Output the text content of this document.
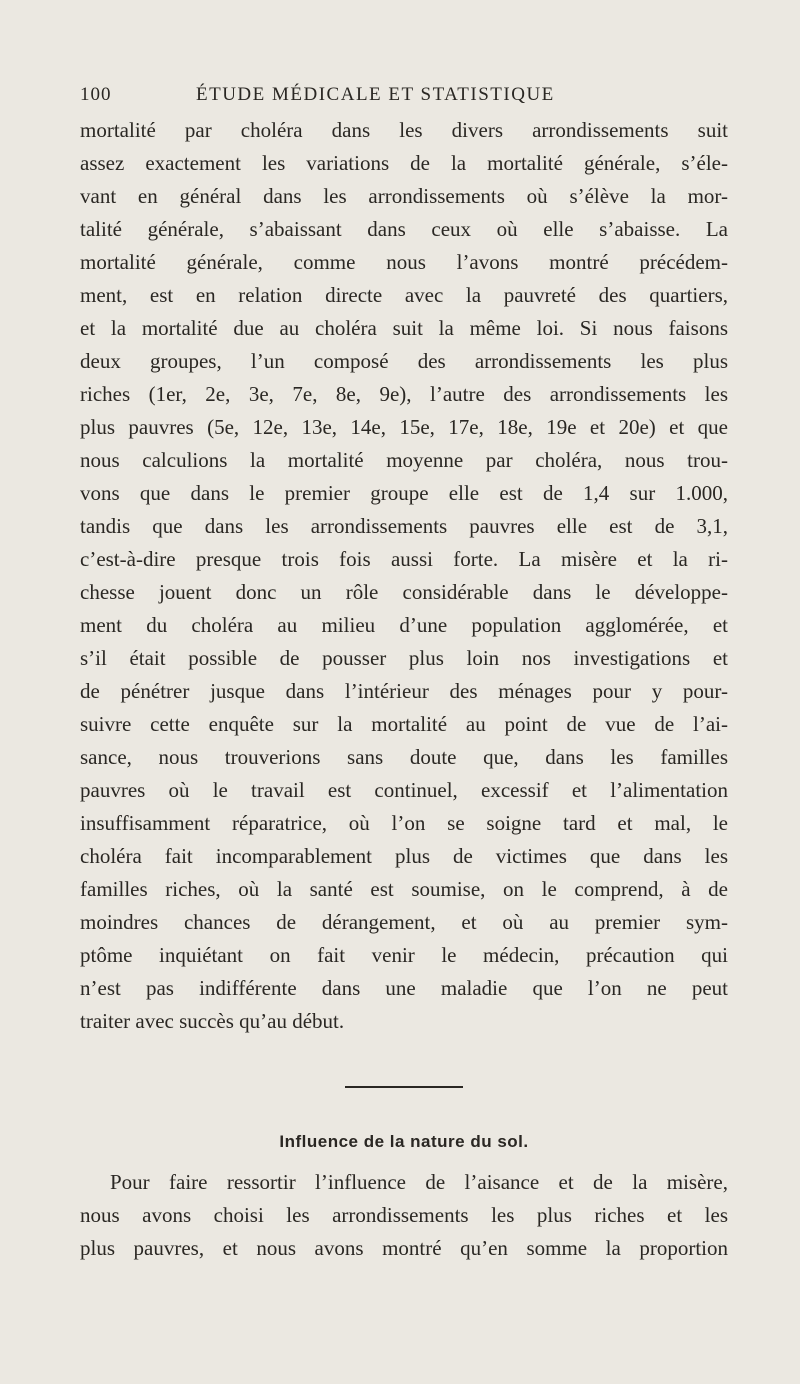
100	ÉTUDE MÉDICALE ET STATISTIQUE
mortalité par choléra dans les divers arrondissements suit
assez exactement les variations de la mortalité générale, s’éle-
vant en général dans les arrondissements où s’élève la mor-
talité générale, s’abaissant dans ceux où elle s’abaisse. La
mortalité générale, comme nous l’avons montré précédem-
ment, est en relation directe avec la pauvreté des quartiers,
et la mortalité due au choléra suit la même loi. Si nous faisons
deux groupes, l’un composé des arrondissements les plus
riches (1er, 2e, 3e, 7e, 8e, 9e), l’autre des arrondissements les
plus pauvres (5e, 12e, 13e, 14e, 15e, 17e, 18e, 19e et 20e) et que
nous calculions la mortalité moyenne par choléra, nous trou-
vons que dans le premier groupe elle est de 1,4 sur 1.000,
tandis que dans les arrondissements pauvres elle est de 3,1,
c’est-à-dire presque trois fois aussi forte. La misère et la ri-
chesse jouent donc un rôle considérable dans le développe-
ment du choléra au milieu d’une population agglomérée, et
s’il était possible de pousser plus loin nos investigations et
de pénétrer jusque dans l’intérieur des ménages pour y pour-
suivre cette enquête sur la mortalité au point de vue de l’ai-
sance, nous trouverions sans doute que, dans les familles
pauvres où le travail est continuel, excessif et l’alimentation
insuffisamment réparatrice, où l’on se soigne tard et mal, le
choléra fait incomparablement plus de victimes que dans les
familles riches, où la santé est soumise, on le comprend, à de
moindres chances de dérangement, et où au premier sym-
ptôme inquiétant on fait venir le médecin, précaution qui
n’est pas indifférente dans une maladie que l’on ne peut
traiter avec succès qu’au début.
Influence de la nature du sol.
Pour faire ressortir l’influence de l’aisance et de la misère,
nous avons choisi les arrondissements les plus riches et les
plus pauvres, et nous avons montré qu’en somme la proportion
